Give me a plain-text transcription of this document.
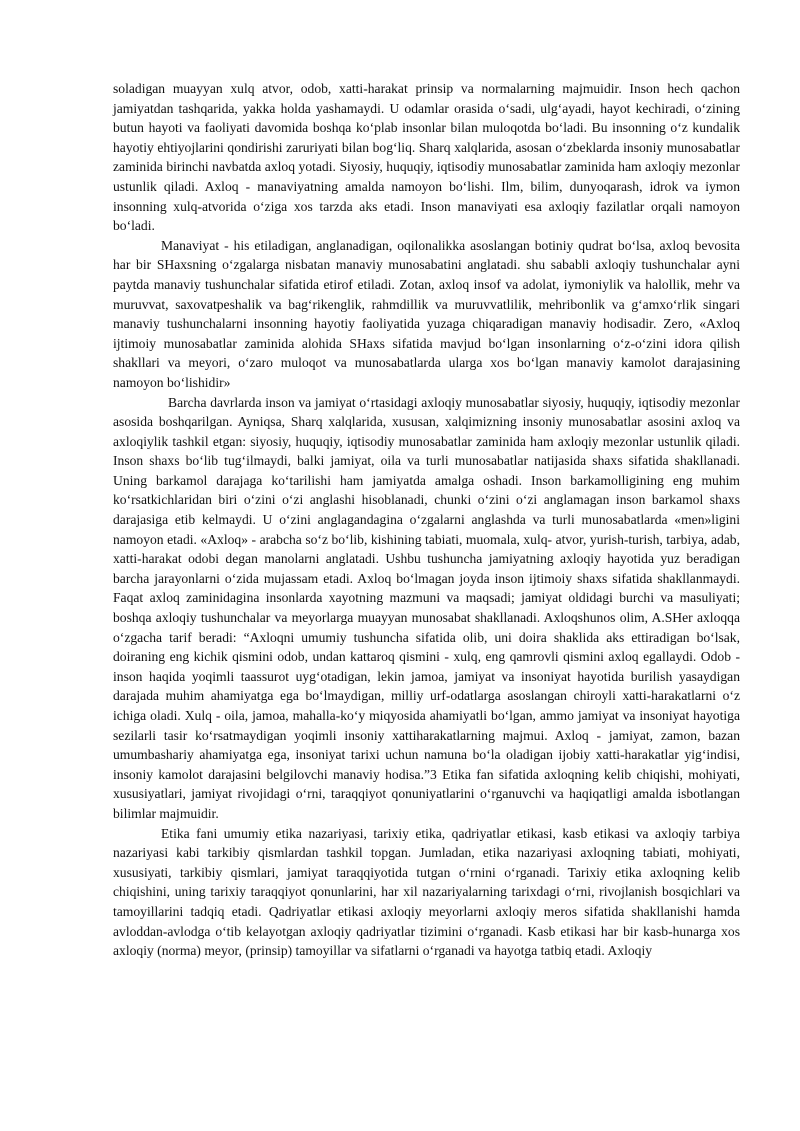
soladigan muayyan xulq atvor, odob, xatti-harakat prinsip va normalarning majmuidir. Inson hech qachon jamiyatdan tashqarida, yakka holda yashamaydi. U odamlar orasida oʻsadi, ulgʻayadi, hayot kechiradi, oʻzining butun hayoti va faoliyati davomida boshqa koʻplab insonlar bilan muloqotda boʻladi. Bu insonning oʻz kundalik hayotiy ehtiyojlarini qondirishi zaruriyati bilan bogʻliq. Sharq xalqlarida, asosan oʻzbeklarda insoniy munosabatlar zaminida birinchi navbatda axloq yotadi. Siyosiy, huquqiy, iqtisodiy munosabatlar zaminida ham axloqiy mezonlar ustunlik qiladi. Axloq - manaviyatning amalda namoyon boʻlishi. Ilm, bilim, dunyoqarash, idrok va iymon insonning xulq-atvorida oʻziga xos tarzda aks etadi. Inson manaviyati esa axloqiy fazilatlar orqali namoyon boʻladi.

Manaviyat - his etiladigan, anglanadigan, oqilonalikka asoslangan botiniy qudrat boʻlsa, axloq bevosita har bir SHaxsning oʻzgalarga nisbatan manaviy munosabatini anglatadi. shu sababli axloqiy tushunchalar ayni paytda manaviy tushunchalar sifatida etirof etiladi. Zotan, axloq insof va adolat, iymoniylik va halollik, mehr va muruvvat, saxovatpeshalik va bagʻrikenglik, rahmdillik va muruvvatlilik, mehribonlik va gʻamxoʻrlik singari manaviy tushunchalarni insonning hayotiy faoliyatida yuzaga chiqaradigan manaviy hodisadir. Zero, «Axloq ijtimoiy munosabatlar zaminida alohida SHaxs sifatida mavjud boʻlgan insonlarning oʻz-oʻzini idora qilish shakllari va meyori, oʻzaro muloqot va munosabatlarda ularga xos boʻlgan manaviy kamolot darajasining namoyon boʻlishidir»

Barcha davrlarda inson va jamiyat oʻrtasidagi axloqiy munosabatlar siyosiy, huquqiy, iqtisodiy mezonlar asosida boshqarilgan. Ayniqsa, Sharq xalqlarida, xususan, xalqimizning insoniy munosabatlar asosini axloq va axloqiylik tashkil etgan: siyosiy, huquqiy, iqtisodiy munosabatlar zaminida ham axloqiy mezonlar ustunlik qiladi. Inson shaxs boʻlib tugʻilmaydi, balki jamiyat, oila va turli munosabatlar natijasida shaxs sifatida shakllanadi. Uning barkamol darajaga koʻtarilishi ham jamiyatda amalga oshadi. Inson barkamolligining eng muhim koʻrsatkichlaridan biri oʻzini oʻzi anglashi hisoblanadi, chunki oʻzini oʻzi anglamagan inson barkamol shaxs darajasiga etib kelmaydi. U oʻzini anglagandagina oʻzgalarni anglashda va turli munosabatlarda «men»ligini namoyon etadi. «Axloq» - arabcha soʻz boʻlib, kishining tabiati, muomala, xulq- atvor, yurish-turish, tarbiya, adab, xatti-harakat odobi degan manolarni anglatadi. Ushbu tushuncha jamiyatning axloqiy hayotida yuz beradigan barcha jarayonlarni oʻzida mujassam etadi. Axloq boʻlmagan joyda inson ijtimoiy shaxs sifatida shakllanmaydi. Faqat axloq zaminidagina insonlarda xayotning mazmuni va maqsadi; jamiyat oldidagi burchi va masuliyati; boshqa axloqiy tushunchalar va meyorlarga muayyan munosabat shakllanadi. Axloqshunos olim, A.SHer axloqqa oʻzgacha tarif beradi: “Axloqni umumiy tushuncha sifatida olib, uni doira shaklida aks ettiradigan boʻlsak, doiraning eng kichik qismini odob, undan kattaroq qismini - xulq, eng qamrovli qismini axloq egallaydi. Odob - inson haqida yoqimli taassurot uygʻotadigan, lekin jamoa, jamiyat va insoniyat hayotida burilish yasaydigan darajada muhim ahamiyatga ega boʻlmaydigan, milliy urf-odatlarga asoslangan chiroyli xatti-harakatlarni oʻz ichiga oladi. Xulq - oila, jamoa, mahalla-koʻy miqyosida ahamiyatli boʻlgan, ammo jamiyat va insoniyat hayotiga sezilarli tasir koʻrsatmaydigan yoqimli insoniy xattiharakatlarning majmui. Axloq - jamiyat, zamon, bazan umumbashariy ahamiyatga ega, insoniyat tarixi uchun namuna boʻla oladigan ijobiy xatti-harakatlar yigʻindisi, insoniy kamolot darajasini belgilovchi manaviy hodisa.”3 Etika fan sifatida axloqning kelib chiqishi, mohiyati, xususiyatlari, jamiyat rivojidagi oʻrni, taraqqiyot qonuniyatlarini oʻrganuvchi va haqiqatligi amalda isbotlangan bilimlar majmuidir.

Etika fani umumiy etika nazariyasi, tarixiy etika, qadriyatlar etikasi, kasb etikasi va axloqiy tarbiya nazariyasi kabi tarkibiy qismlardan tashkil topgan. Jumladan, etika nazariyasi axloqning tabiati, mohiyati, xususiyati, tarkibiy qismlari, jamiyat taraqqiyotida tutgan oʻrnini oʻrganadi. Tarixiy etika axloqning kelib chiqishini, uning tarixiy taraqqiyot qonunlarini, har xil nazariyalarning tarixdagi oʻrni, rivojlanish bosqichlari va tamoyillarini tadqiq etadi. Qadriyatlar etikasi axloqiy meyorlarni axloqiy meros sifatida shakllanishi hamda avloddan-avlodga oʻtib kelayotgan axloqiy qadriyatlar tizimini oʻrganadi. Kasb etikasi har bir kasb-hunarga xos axloqiy (norma) meyor, (prinsip) tamoyillar va sifatlarni oʻrganadi va hayotga tatbiq etadi. Axloqiy
